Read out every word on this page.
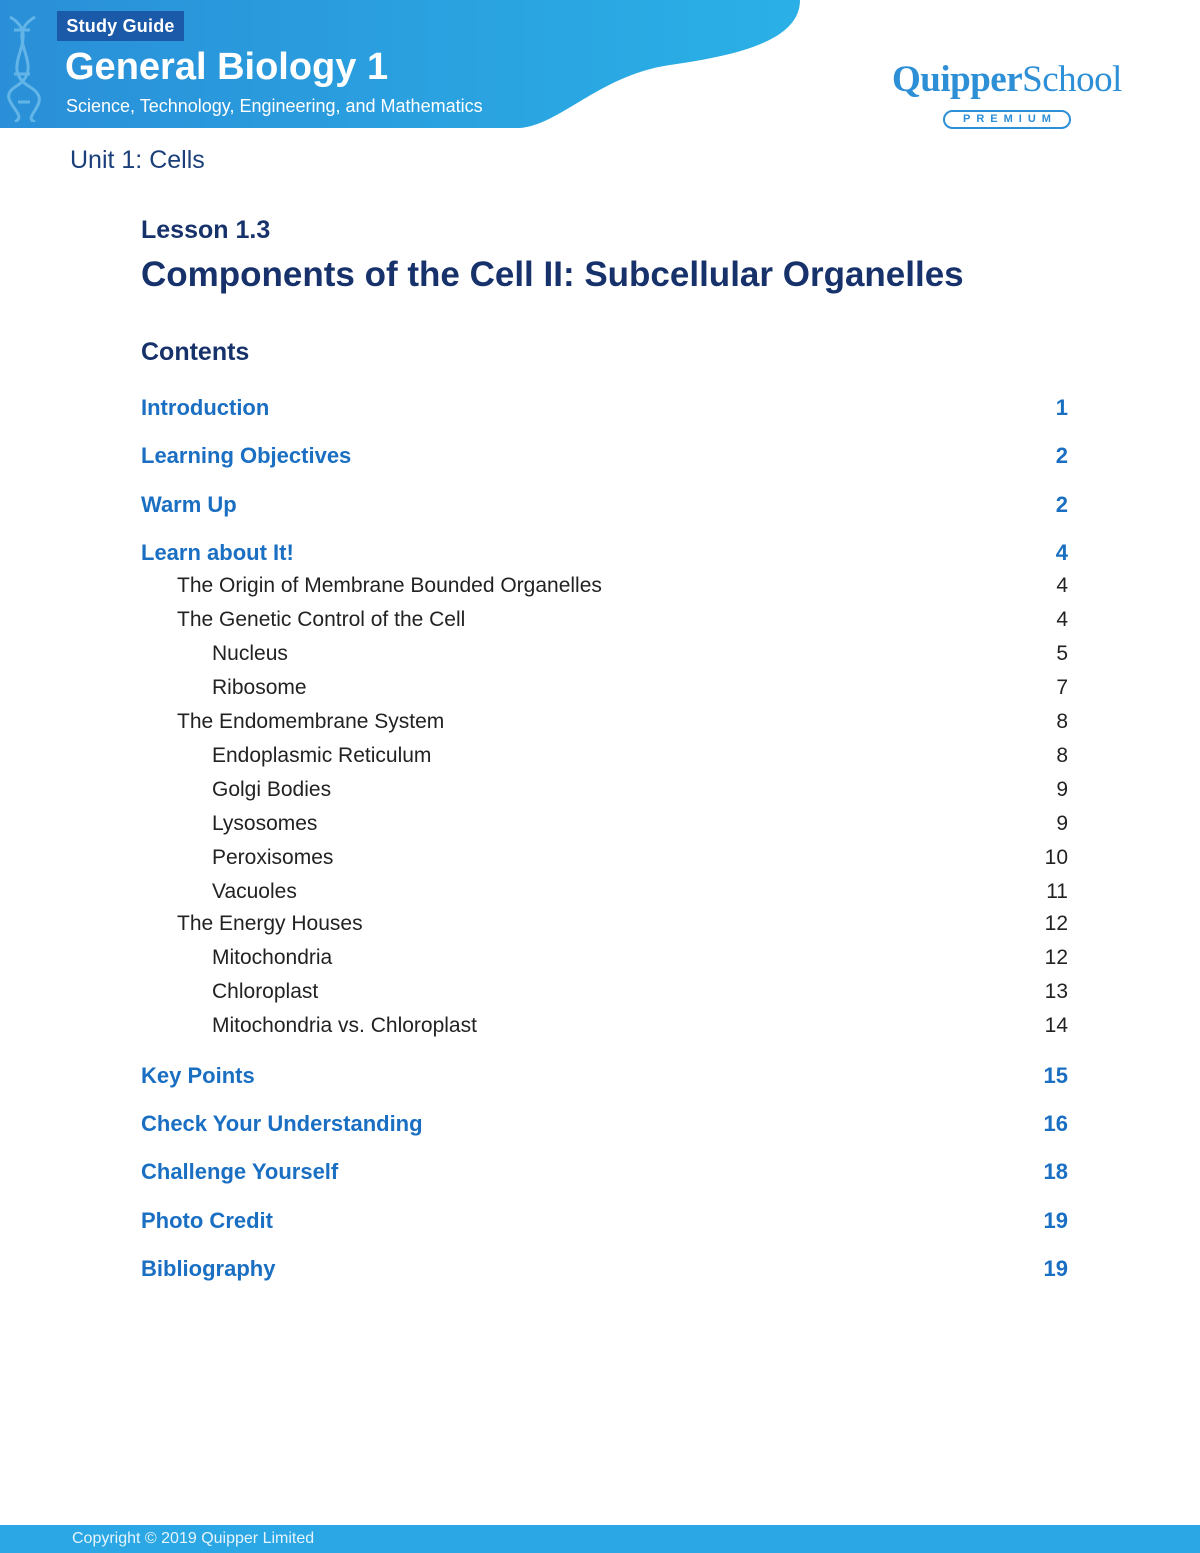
Study Guide
General Biology 1
Science, Technology, Engineering, and Mathematics
QuipperSchool
PREMIUM
Unit 1: Cells
Lesson 1.3
Components of the Cell II: Subcellular Organelles
Contents
Introduction	1
Learning Objectives	2
Warm Up	2
Learn about It!	4
The Origin of Membrane Bounded Organelles	4
The Genetic Control of the Cell	4
Nucleus	5
Ribosome	7
The Endomembrane System	8
Endoplasmic Reticulum	8
Golgi Bodies	9
Lysosomes	9
Peroxisomes	10
Vacuoles	11
The Energy Houses	12
Mitochondria	12
Chloroplast	13
Mitochondria vs. Chloroplast	14
Key Points	15
Check Your Understanding	16
Challenge Yourself	18
Photo Credit	19
Bibliography	19
Copyright © 2019 Quipper Limited
